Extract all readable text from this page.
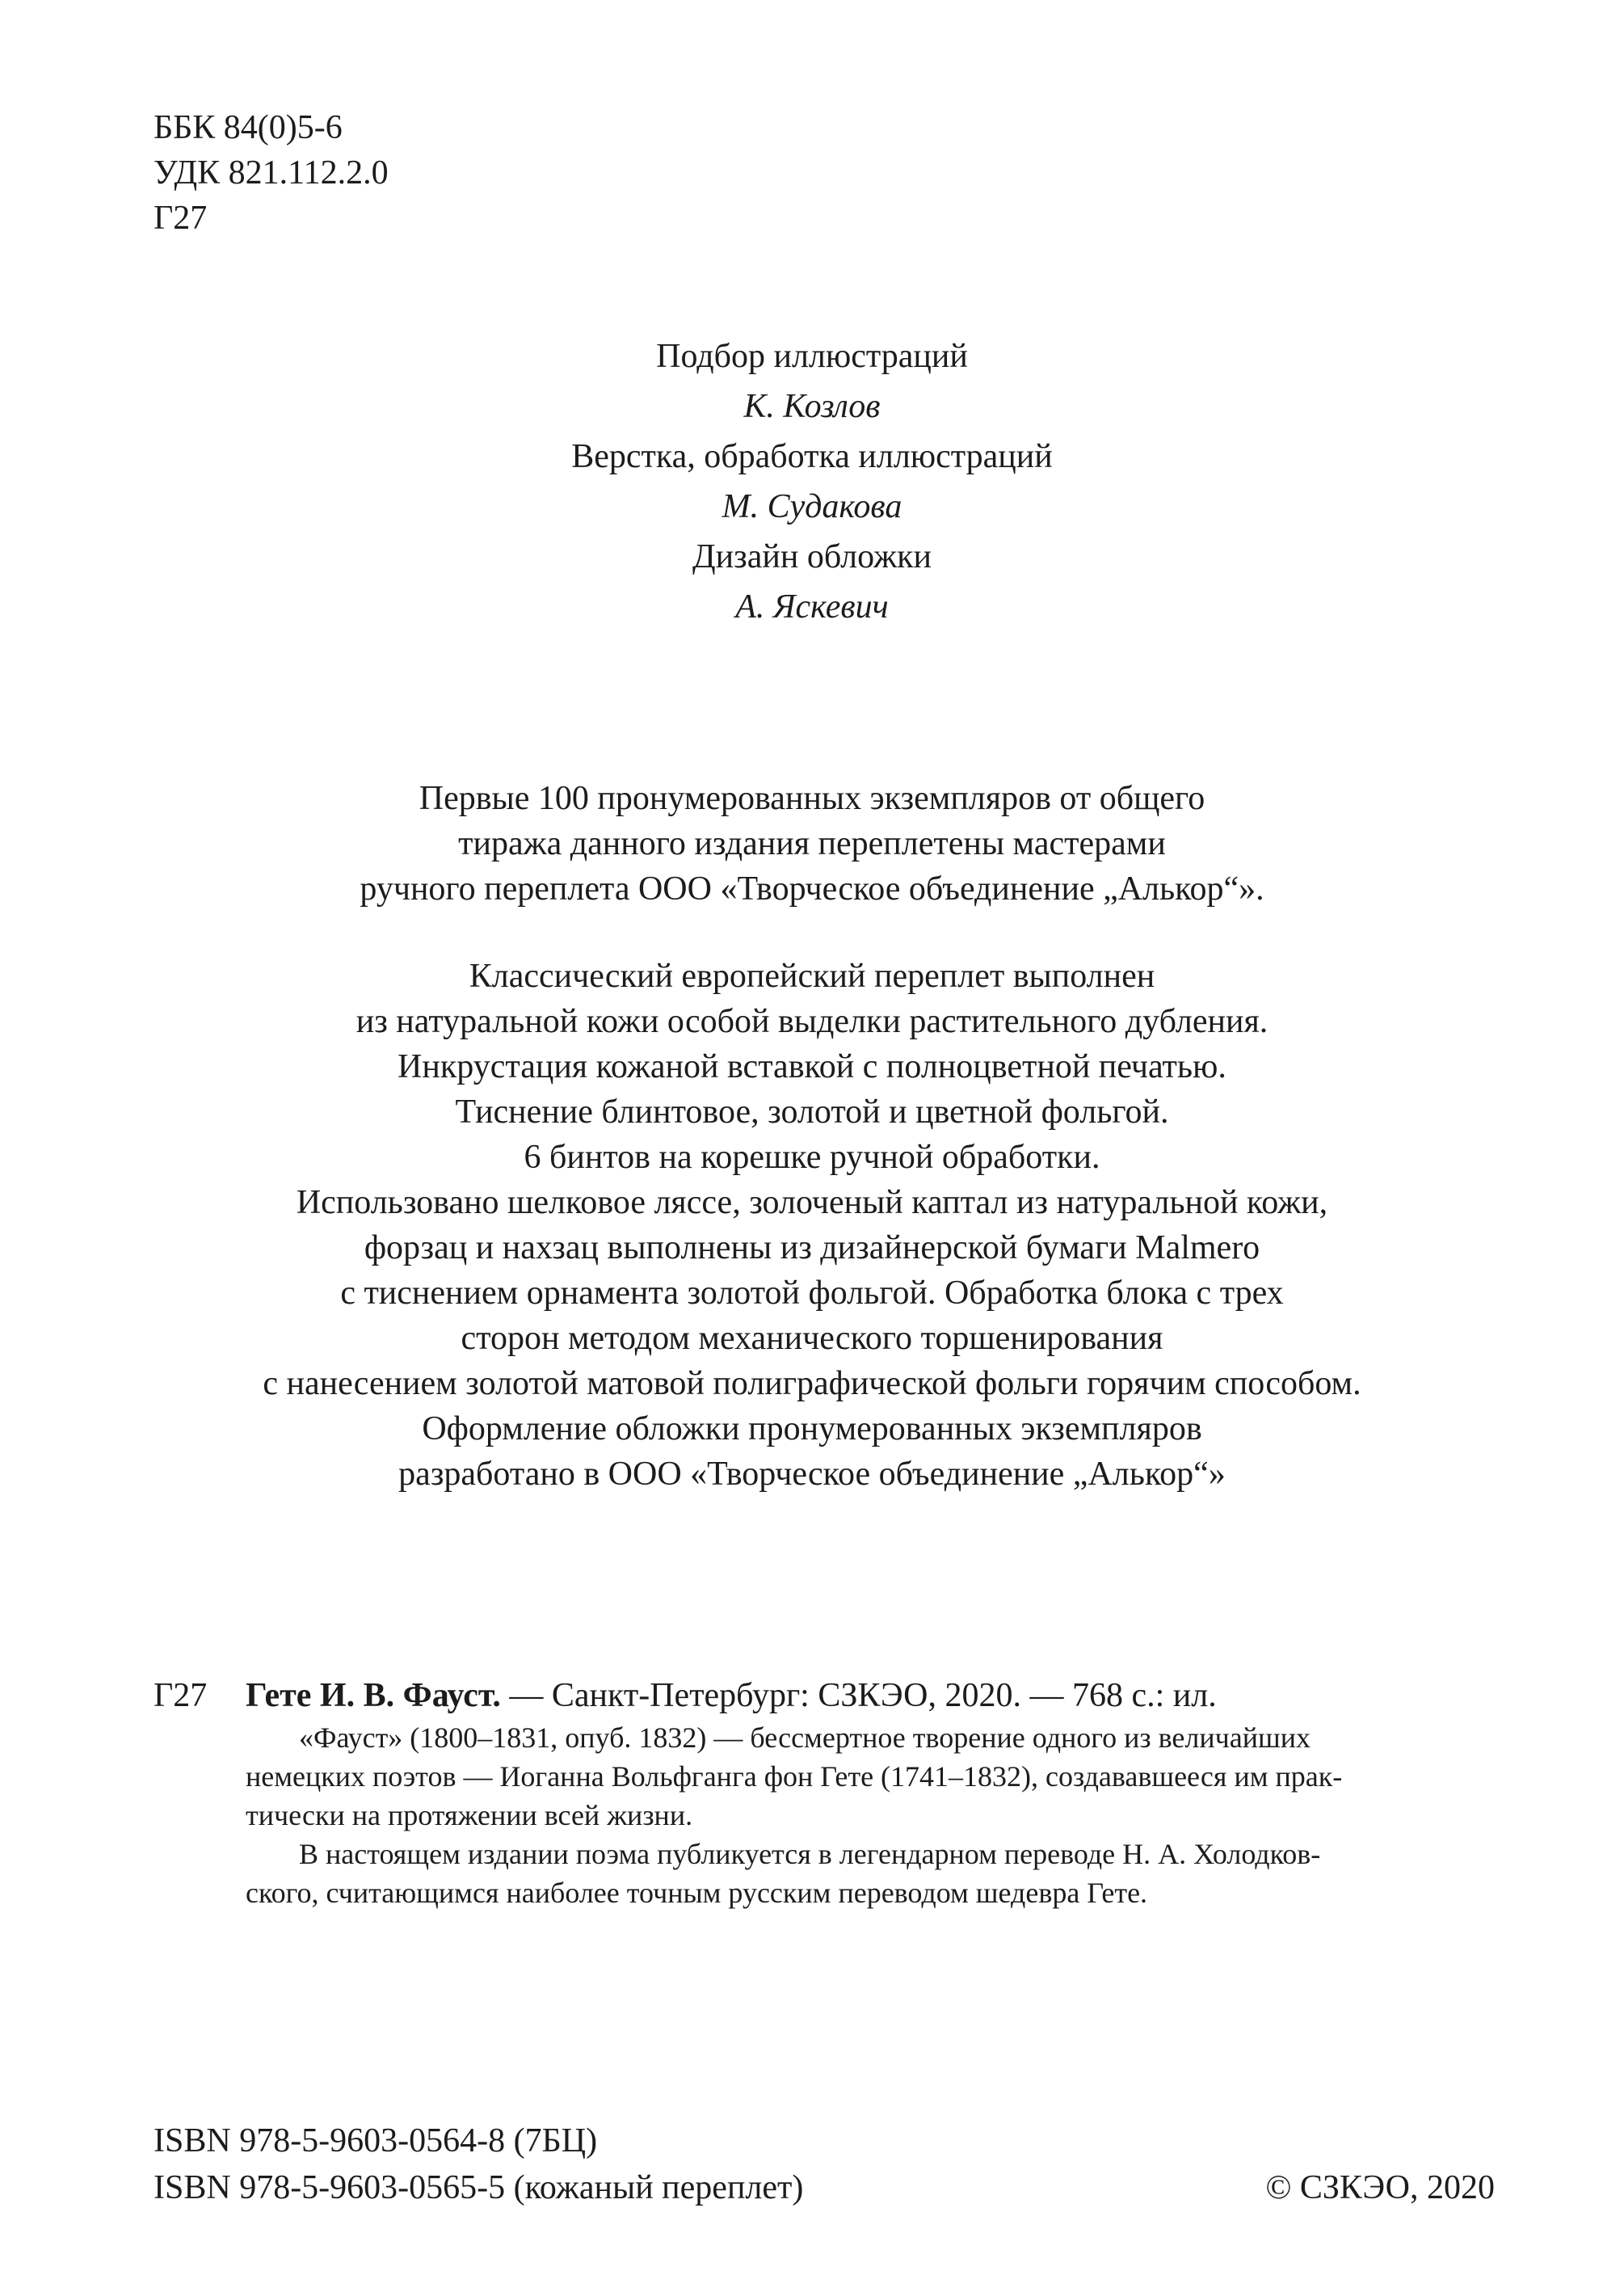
ББК 84(0)5-6
УДК 821.112.2.0
Г27
Подбор иллюстраций
К. Козлов
Верстка, обработка иллюстраций
М. Судакова
Дизайн обложки
А. Яскевич
Первые 100 пронумерованных экземпляров от общего
тиража данного издания переплетены мастерами
ручного переплета ООО «Творческое объединение „Алькор“».
Классический европейский переплет выполнен
из натуральной кожи особой выделки растительного дубления.
Инкрустация кожаной вставкой с полноцветной печатью.
Тиснение блинтовое, золотой и цветной фольгой.
6 бинтов на корешке ручной обработки.
Использовано шелковое ляссе, золоченый каптал из натуральной кожи,
форзац и нахзац выполнены из дизайнерской бумаги Malmero
с тиснением орнамента золотой фольгой. Обработка блока с трех
сторон методом механического торшенирования
с нанесением золотой матовой полиграфической фольги горячим способом.
Оформление обложки пронумерованных экземпляров
разработано в ООО «Творческое объединение „Алькор“»
Г27	Гете И. В. Фауст. — Санкт-Петербург: СЗКЭО, 2020. — 768 с.: ил.
«Фауст» (1800–1831, опуб. 1832) — бессмертное творение одного из величайших
немецких поэтов — Иоганна Вольфганга фон Гете (1741–1832), создававшееся им прак-
тически на протяжении всей жизни.
В настоящем издании поэма публикуется в легендарном переводе Н. А. Холодков-
ского, считающимся наиболее точным русским переводом шедевра Гете.
ISBN 978-5-9603-0564-8 (7БЦ)
ISBN 978-5-9603-0565-5 (кожаный переплет)	© СЗКЭО, 2020
